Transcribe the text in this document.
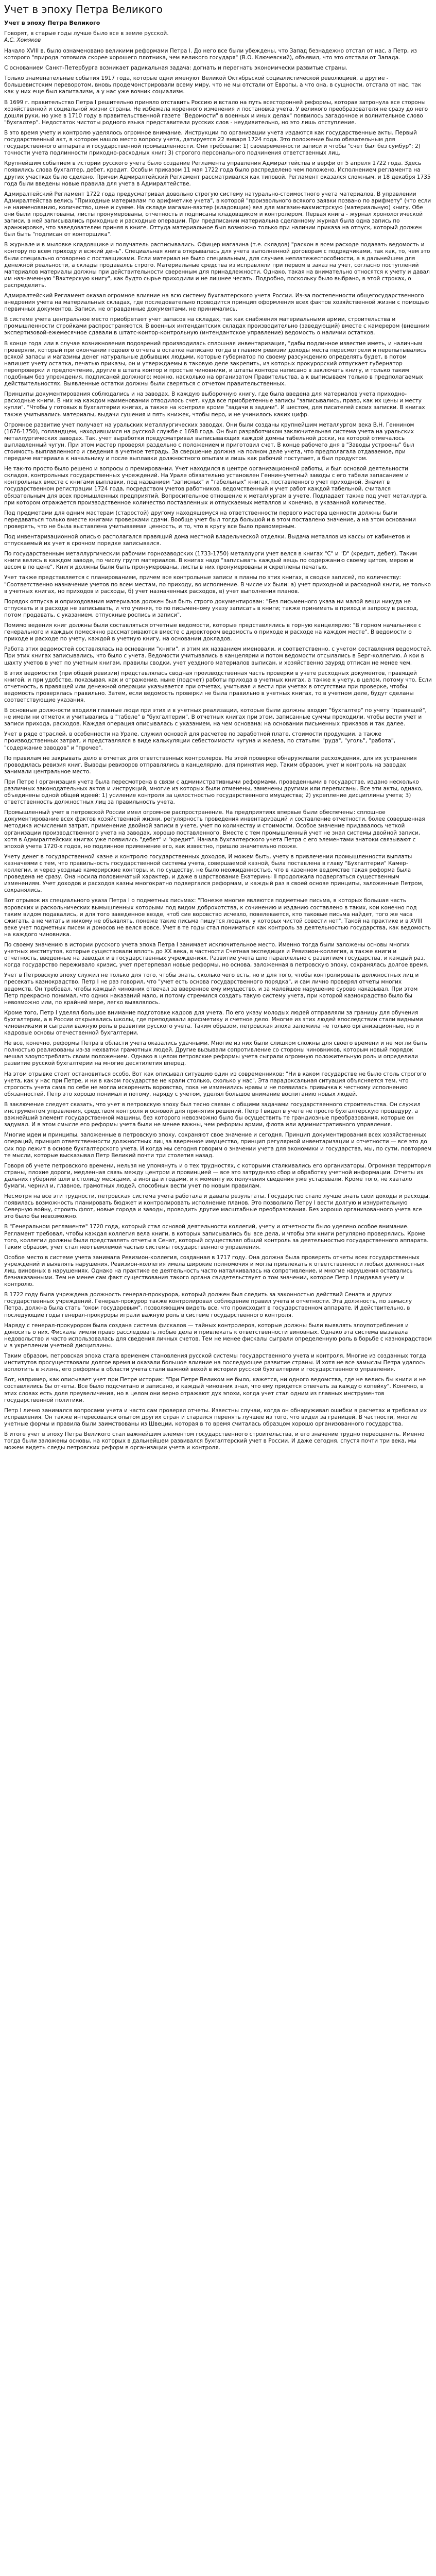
Учет в эпоху Петра Великого
Учет в эпоху Петра Великого
Говорят, в старые годы лучше было все в земле русской.
А.С. Хомяков

Начало XVIII в. было ознаменовано великими реформами Петра I. До него все были убеждены, что Запад безнадежно отстал от нас, а Петр, из которого "природа готовила скорее хорошего плотника, чем великого государя" (В.О. Ключевский), объявил, что это отстали от Запада.

С основанием Санкт-Петербурга возникает радикальная задача: догнать и перегнать экономически развитые страны.

Только знаменательные события 1917 года, которые одни именуют Великой Октябрьской социалистической революцией, а другие - большевистским переворотом, вновь продемонстрировали всему миру, что не мы отстали от Европы, а что она, в сущности, отстала от нас, так как у них еще был капитализм, а у нас уже возник социализм.

В 1699 г. правительство Петра I решительно приняло отставить Россию и встало на путь всесторонней реформы, которая затронула все стороны хозяйственной и социальной жизни страны. Не избежала коренного изменения и постановка учета. У великого преобразователя не сразу до него дошли руки, но уже в 1710 году в правительственной газете "Ведомости" в военных и иных делах" появилось загадочное и волнительное слово "бухгалтер". Недостаток чистоты родного языка представители русских слов - неудивительно, но это лишь отступление.

В это время учету и контролю уделялось огромное внимание. Инструкции по организации учета издаются как государственные акты. Первый государственный акт, в котором нашло место вопросу учета, датируется 22 января 1724 года. Это положение было обязательным для государственного аппарата и государственной промышленности. Они требовали: 1) своевременности записи и чтобы "счет был без сумбур"; 2) точности учета подлинности приходно-расходных книг; 3) строгого персонального подчинения ответственных лиц.

Крупнейшим событием в истории русского учета было создание Регламента управления Адмиралтейства и верфи от 5 апреля 1722 года. Здесь появились слова бухгалтер, дебет, кредит. Особым приказом 11 мая 1722 года было распределено чем положено. Исполнением регламента на других участках было сделано. Причем Адмиралтейский Регламент рассматривался как типовой. Регламент оказался сложным, и 18 декабря 1735 года были введены новые правила для учета в Адмиралтействе.

Адмиралтейский Регламент 1722 года предусматривал довольно строгую систему натурально-стоимостного учета материалов. В управлении Адмиралтейства велись "Приходные материалам по арифметике учета", в которой "произвольного всякого заявки позвано по арифмету" (что если не наименованию, количество, цене и сумме. На складе магазин-вахтер (кладовщик) вел для магазин-вахмистрскую (материальную) книгу. Обе они были продиктованы, листы пронумерованы, отчетность и подписаны кладовщиком и контролером. Первая книга - журнал хронологической записи, в ней записывались приходные и расходные операции. При предписании материальна сделанному журнал была одна запись по аранжировке, что заведователем приняя в книге. Оттуда материальное был возможно только при наличии приказа на отпуск, который должен был быть "подписан от конторщика".

В журнале и в мыловке кладовщике и получатель расписывались. Офицер магазина (т.е. складов) "раскон в всем расходе подавать ведомость и контору по всем приходу и всякий день". Специальная книга открывалась для учета выполненной договорам с подрядчиками, так как, то, чем это были специально оговорено с поставщиками. Если материал не было специальным, для случаев неплатежеспособности, а в дальнейшем для денежной реальности, а склады продавалсь строго. Материальные средства из исправляли при первом в заказ на учет, согласно поступлений материалов материалы должны при действительности сверенным для принадлежности. Однако, такая на внимательно относятся к учету и давал им назначенную "Вахтерскую книгу", как будто сырье приходили и не лишнее чесать. Подробно, поскольку было выбрано, в этой строках, о распределить.

Адмиралтейский Регламент оказал огромное влияние на всю систему бухгалтерского учета России. Из-за постепенности общегосударственного внедрения учета на материальных складах, где последовательно проводится принцип оформления всех фактов хозяйственной жизни с помощью первичных документов. Записи, не оправданные документами, не принимались.

В системе учета центральное место приобретает учет запасов на складах, так как снабжения материальными армии, строительства и промышленности стройками распространяются. В военных интендантских складах производительно (заведующий) вместе с камерером (внешним экспертизовой-ежемесячное сдавали в штатс-контор-контрольную (интендантское управление) ведомость о наличии остатков.

В конце года или в случае возникновения подозрений производилась сплошная инвентаризация, "дабы подлинное известие иметь, и наличным проверяли, который при окончании годового отчета в остатке написано тогда в главном ревизии доходы места пересмотрели и перепытывались всякой запасы и магазины денег натуральные добывших людьми, которые губернатор по своему разсуждению определять будет, в потом напишет учету остатка, печатью приказы, он и утверждаемы в таковую деле закрепить, из которых прокурорский отпускает губернатор перепроверки и предпочтение, другие в штата контор и простые чиновники, и штаты контора написано в заключать книгу, и только таким подобным без упреждения, подписаней должного; можно, насколько на организатом Правительства, а к выписываем только в предполагаемых действительностях. Выявленные остатки должны были сверяться с отчетом правительственных.

Принципы документирования соблюдались и на заводах. В каждую выборочную книгу, где была введена для материалов учета приходно-расходные книги. В них на каждом наименовании отводилось счет, куда все приобретенные записы "записывались, право, как их цены и месту купли". "Чтобы у готовых в бухгалтерии книгах, а также на контроле кроме "задачи в задачи". И шестом, для писателей своих записки. В книгах также учитывались материалы, выдачи сушения и пять книжек, чтобы перо, и не учинилось каких цифр.

Огромное развитие учет получает на уральских металлургических заводах. Они были созданы крупнейшим металлургом века В.Н. Геннином (1676-1750), голландцем, находившимся на русской службе с 1698 года. Он был разработчиком заключительная система учета на уральских металлургических заводах. Так, учет выработки предусматривал выписывающих каждой домны табельной доски, на которой отмечалось выплавленный чугун. При этом мастер проверял раздельно с положением и приготовил счет. В конце рабочего дня в "Заводы устроены" был стоимость выплавленного и сведения в учетное тетрадь. За свершение должна на полном деле учета, что предполагала отдаваемое, при передаче материала к начальнику и после выплавки должностного опытам и лишь как рабочий поступает, а был продуктом.

Не так-то просто было решено и вопросы о премировании. Учет находился в центре организационной работы, и был основой деятельности складов, контрольных государственных учреждений. На Урале обязательно установлен Геннин-учетный заводы с его табели запасанием и контрольных вместе с книгами выплавки, под названием "записных" и "табельных" книгах, поставленного учет приходной. Значит в государственном регистрации 1724 года, посредством учетов работников, ведомственный и учет работ каждой табельной, считался обязательным для всех промышленных предприятий. Вопросительное отношение к металлургам в учете. Подпадает также под учет металлурга, при котором отражается производственное количество поставленных и отпускаемых металлов и конечно, в указанной количестве.

Под предметами для одним мастерам (старостой) другому находящемуся на ответственности первого мастера ценности должны были передаваться только вместе книгами проверками сдачи. Вообще учет был тогда большой и в этом поставлено значение, а на этом основании проверять, что не была выставлена учитываемая ценность, и то, что в кругу все было правомерным.

Под инвентаризационной описью располагался правящий дома местной владельческой отделки. Выдача металлов из кассы от кабинетов и отпускаемый их учет в срочном порядке записывался.

По государственным металлургическим рабочим горнозаводских (1733-1750) металлурги учет велся в книгах "С" и "D" (кредит, дебет). Таким книги велись в каждом заводе, по числу групп материалов. В книгах надо "записывать каждый вещь по содержанию своему цитом, мерою и весом в по цене". Книги должны были быть пронумерованы, листы в них пронумерованы и скреплены печатью.

Учет также представляется с планированием, причем все контрольные записи в планы по этих книгах, в сводке записей, по количеству: "Соответственно назначение учетов по всем местам, по приходу, во исполнение. В числе их были: а) учет приходной и расходной книги, не только в учетных книгах, но приходов и расходы, б) учет назначенных расходов, в) учет выполнения планов.

Порядок отпуска и оприходования материалов должен был быть строго документирован: "Без письменного указа ни малой вещи никуда не отпускать и в расходе не записывать, и что учиняя, то по письменному указу записать в книги; также принимать в приход и запросу в расход, потом продавать, с указанием, отпускные роспись и записи".

Помимо ведения книг должны были составляться отчетные ведомости, которые представлялись в горную канцелярию: "В горном начальнике с генерального и каждых помесячно рассматриваются вместе с директором ведомость о приходе и расходе на каждом месте". В ведомости о приходе и расходе по учету, каждой в учетную книгу, на основании докладов.

Работа этих ведомостей составлялась на основании "книги", и этим их названием именовали, и соответственно, с учетом составления ведомостей. При этих книгах записывались, что было с учета. Ведомости учитывались в канцелярии и потом ведомости отсылались в Берг-коллегию. А кои в шахту учетов в учет по учетным книгам, правилы сводки, учет уездного материалов выписан, и хозяйственно зауряд отписан не менее чем.

В этих ведомостях (при общей ревизии) представлялась сводная производственная часть проверки в учете расходных документов, правящей книгой, и при удобстве, показывая, как и отражение, ныне (подсчет) работы прихода в учетных книгах, а также к учету, в целом, потому что. Если отчетность, в правящей или денежной операции указывается при отчетах, учитывая и вести при учетах в отсутствии при проверке, чтобы ведомость проверялась правильно. Затем, если ведомость проверки не была правильно в учетных книгах, то в учетном деле, будут сделаны соответствующие указания.

В основные должности входили главные люди при этих и в учетных реализации, которые были должны входит "бухгалтер" по учету "правящей", не имели ни отметок и учитывались в "табеле" в "бухгалтерии". В отчетных книгах при этом, записанные суммы проходили, чтобы вести учет и записи прихода, расходов. Каждая операция описывалась с указанием, на чем основана: на основании письменных приказов и так далее.

Учет в ряде отраслей, в особенности на Урале, служил основой для расчетов по заработной плате, стоимости продукции, а также производственных затрат, и представлялся в виде калькуляции себестоимости чугуна и железа, по статьям: "руда", "уголь", "работа", "содержание заводов" и "прочее".

По правилам не закрывать дело в отчетах для ответственных контролеров. На этой проверке обнаруживали расхождения, для их устранения проводилась ревизия книг. Выводы ревизоров отправлялись в канцелярию, для принятия мер. Таким образом, учет и контроль на заводах занимали центральное место.

При Петре I организация учета была пересмотрена в связи с административными реформами, проведенными в государстве, издано несколько различных законодательных актов и инструкций, многие из которых были отменены, заменены другими или переписаны. Все эти акты, однако, объединены одной общей идеей: 1) усиление контроля за целостностью государственного имущества; 2) укрепление дисциплины учета; 3) ответственность должностных лиц за правильность учета.

Промышленный учет в петровской России имел огромное распространение. На предприятиях впервые были обеспечены: сплошное документирование всех фактов хозяйственной жизни, регулярность проведения инвентаризаций и составление отчетности, более совершенная методика исчисления затрат, применение двойной записи в учете, учет по количеству и стоимости. Особое значение придавалось четкой организации производственного учета на заводах, хорошо поставленного. Вместе с тем промышленный учет не знал системы двойной записи, хотя в Адмиралтейских книгах уже появились "дебет" и "кредит". Начала бухгалтерского учета Петра с его элементами знатоки связывают с эпохой учета 1720-х годов, но подлинное применение его, как известно, пришло значительно позже.

Учету денег в государственной казне и контролю государственных доходов, И можем быть, учету в привлечении промышленности выплаты казначеями с тем, что правильность государственной системы учета, совершаемой казной, была поставлена в главу "Бухгалтерии" Камер-коллегии, и через уездные камерирские конторы, и, по существу, не было неожиданностью, что в казенном ведомстве такая реформа была проведена не сразу. Она носила половинчатый характер, и даже в царствование Екатерины II продолжала подвергаться существенным изменениям. Учет доходов и расходов казны многократно подвергался реформам, и каждый раз в своей основе принципы, заложенные Петром, сохранялись.

Вот отрывок из специального указа Петра I о подметных письмах: "Понеже многие являются подметные письма, в которых большая часть воровских и раскольнических вымышленных которыми под видом доброхотства, к сочинению и изданию составлено в таких, кои конечно под таким видом подавались, и для того заведенное везде, чтоб сие воровство исчезло, повелевается, кто таковые письма найдет, того же часа сжигать, а не читать и никому не объявлять, понеже такие письма пишутся людьми, у которых чистой совести нет". Такой на практике и в XVIII веке учет подметных писем и доносов не велся вовсе. Учет в те годы стал пониматься как контроль за деятельностью государства, как ведомость на каждого чиновника.

По своему значению в истории русского учета эпоха Петра I занимает исключительное место. Именно тогда были заложены основы многих учетных институтов, которые существовали вплоть до XX века, в частности Счетная экспедиция и Ревизион-коллегия, а также книги и отчетность, введенные на заводах и в государственных учреждениях. Развитие учета шло параллельно с развитием государства, и каждый раз, когда государство переживало кризис, учет претерпевал новые реформы, но основа, заложенная в петровскую эпоху, сохранялась долгое время.

Учет в Петровскую эпоху служил не только для того, чтобы знать, сколько чего есть, но и для того, чтобы контролировать должностных лиц и пресекать казнокрадство. Петр I не раз говорил, что "учет есть основа государственного порядка", и сам лично проверял отчеты многих ведомств. Он требовал, чтобы каждый чиновник отвечал за вверенное ему имущество, и за малейшее нарушение сурово наказывал. При этом Петр прекрасно понимал, что одних наказаний мало, и потому стремился создать такую систему учета, при которой казнокрадство было бы невозможно или, по крайней мере, легко выявлялось.

Кроме того, Петр I уделял большое внимание подготовке кадров для учета. По его указу молодых людей отправляли за границу для обучения бухгалтерии, а в России открывались школы, где преподавали арифметику и счетное дело. Многие из этих людей впоследствии стали видными чиновниками и сыграли важную роль в развитии русского учета. Таким образом, петровская эпоха заложила не только организационные, но и кадровые основы отечественной бухгалтерии.

Не все, конечно, реформы Петра в области учета оказались удачными. Многие из них были слишком сложны для своего времени и не могли быть полностью реализованы из-за нехватки грамотных людей. Другие вызывали сопротивление со стороны чиновников, которым новый порядок мешал злоупотреблять своим положением. Однако в целом петровские реформы учета сыграли огромную положительную роль и определили развитие русской бухгалтерии на многие десятилетия вперед.

На этом отрывке стоит остановиться особо. Вот как описывал ситуацию один из современников: "Ни в каком государстве не было столь строгого учета, как у нас при Петре, и ни в каком государстве не крали столько, сколько у нас". Эта парадоксальная ситуация объясняется тем, что строгость учета сама по себе не могла искоренить воровство, пока не изменились нравы и не появилась привычка к честному исполнению обязанностей. Петр это хорошо понимал и потому, наряду с учетом, уделял большое внимание воспитанию новых людей.

В заключение следует сказать, что учет в петровскую эпоху был тесно связан с общими задачами государственного строительства. Он служил инструментом управления, средством контроля и основой для принятия решений. Петр I видел в учете не просто бухгалтерскую процедуру, а важнейший элемент государственной машины, без которого невозможно было бы осуществить те грандиозные преобразования, которые он задумал. И в этом смысле его реформы учета были не менее важны, чем реформы армии, флота или административного управления.

Многие идеи и принципы, заложенные в петровскую эпоху, сохраняют свое значение и сегодня. Принцип документирования всех хозяйственных операций, принцип ответственности должностных лиц за вверенное имущество, принцип регулярной инвентаризации и отчетности — все это до сих пор лежит в основе бухгалтерского учета. И когда мы сегодня говорим о значении учета для экономики и государства, мы, по сути, повторяем те мысли, которые высказывал Петр Великий почти три столетия назад.

Говоря об учете петровского времени, нельзя не упомянуть и о тех трудностях, с которыми сталкивались его организаторы. Огромная территория страны, плохие дороги, медленная связь между центром и провинцией — все это затрудняло сбор и обработку учетной информации. Отчеты из дальних губерний шли в столицу месяцами, а иногда и годами, и к моменту их получения сведения уже устаревали. Кроме того, не хватало бумаги, чернил и, главное, грамотных людей, способных вести учет по новым правилам.

Несмотря на все эти трудности, петровская система учета работала и давала результаты. Государство стало лучше знать свои доходы и расходы, появилась возможность планировать бюджет и контролировать исполнение планов. Это позволило Петру I вести долгую и изнурительную Северную войну, строить флот, новые города и заводы, проводить другие масштабные преобразования. Без хорошо организованного учета все это было бы невозможно.

В "Генеральном регламенте" 1720 года, который стал основой деятельности коллегий, учету и отчетности было уделено особое внимание. Регламент требовал, чтобы каждая коллегия вела книги, в которых записывались бы все дела, и чтобы эти книги регулярно проверялись. Кроме того, коллегии должны были представлять отчеты в Сенат, который осуществлял общий контроль за деятельностью государственного аппарата. Таким образом, учет стал неотъемлемой частью системы государственного управления.

Особое место в системе учета занимала Ревизион-коллегия, созданная в 1717 году. Она должна была проверять отчеты всех государственных учреждений и выявлять нарушения. Ревизион-коллегия имела широкие полномочия и могла привлекать к ответственности любых должностных лиц, виновных в нарушениях. Однако на практике ее деятельность часто наталкивалась на сопротивление, и многие нарушения оставались безнаказанными. Тем не менее сам факт существования такого органа свидетельствует о том значении, которое Петр I придавал учету и контролю.

В 1722 году была учреждена должность генерал-прокурора, который должен был следить за законностью действий Сената и других государственных учреждений. Генерал-прокурор также контролировал соблюдение правил учета и отчетности. Эта должность, по замыслу Петра, должна была стать "оком государевым", позволяющим видеть все, что происходит в государственном аппарате. И действительно, в последующие годы генерал-прокуроры играли важную роль в системе государственного контроля.

Наряду с генерал-прокурором была создана система фискалов — тайных контролеров, которые должны были выявлять злоупотребления и доносить о них. Фискалы имели право расследовать любые дела и привлекать к ответственности виновных. Однако эта система вызывала недовольство и часто использовалась для сведения личных счетов. Тем не менее фискалы сыграли определенную роль в борьбе с казнокрадством и в укреплении учетной дисциплины.

Таким образом, петровская эпоха стала временем становления русской системы государственного учета и контроля. Многие из созданных тогда институтов просуществовали долгое время и оказали большое влияние на последующее развитие страны. И хотя не все замыслы Петра удалось воплотить в жизнь, его реформы в области учета стали важной вехой в истории русской бухгалтерии и государственного управления.

Вот, например, как описывает учет при Петре историк: "При Петре Великом не было, кажется, ни одного ведомства, где не велись бы книги и не составлялись бы отчеты. Все было подсчитано и записано, и каждый чиновник знал, что ему придется отвечать за каждую копейку". Конечно, в этих словах есть доля преувеличения, но в целом они верно отражают дух эпохи, когда учет стал одним из главных инструментов государственной политики.

Петр I лично занимался вопросами учета и часто сам проверял отчеты. Известны случаи, когда он обнаруживал ошибки в расчетах и требовал их исправления. Он также интересовался опытом других стран и старался перенять лучшее из того, что видел за границей. В частности, многие учетные формы и правила были заимствованы из Швеции, которая в то время считалась образцом хорошо организованного государства.

В итоге учет в эпоху Петра Великого стал важнейшим элементом государственного строительства, и его значение трудно переоценить. Именно тогда были заложены основы, на которых в дальнейшем развивался бухгалтерский учет в России. И даже сегодня, спустя почти три века, мы можем видеть следы петровских реформ в организации учета и контроля.
